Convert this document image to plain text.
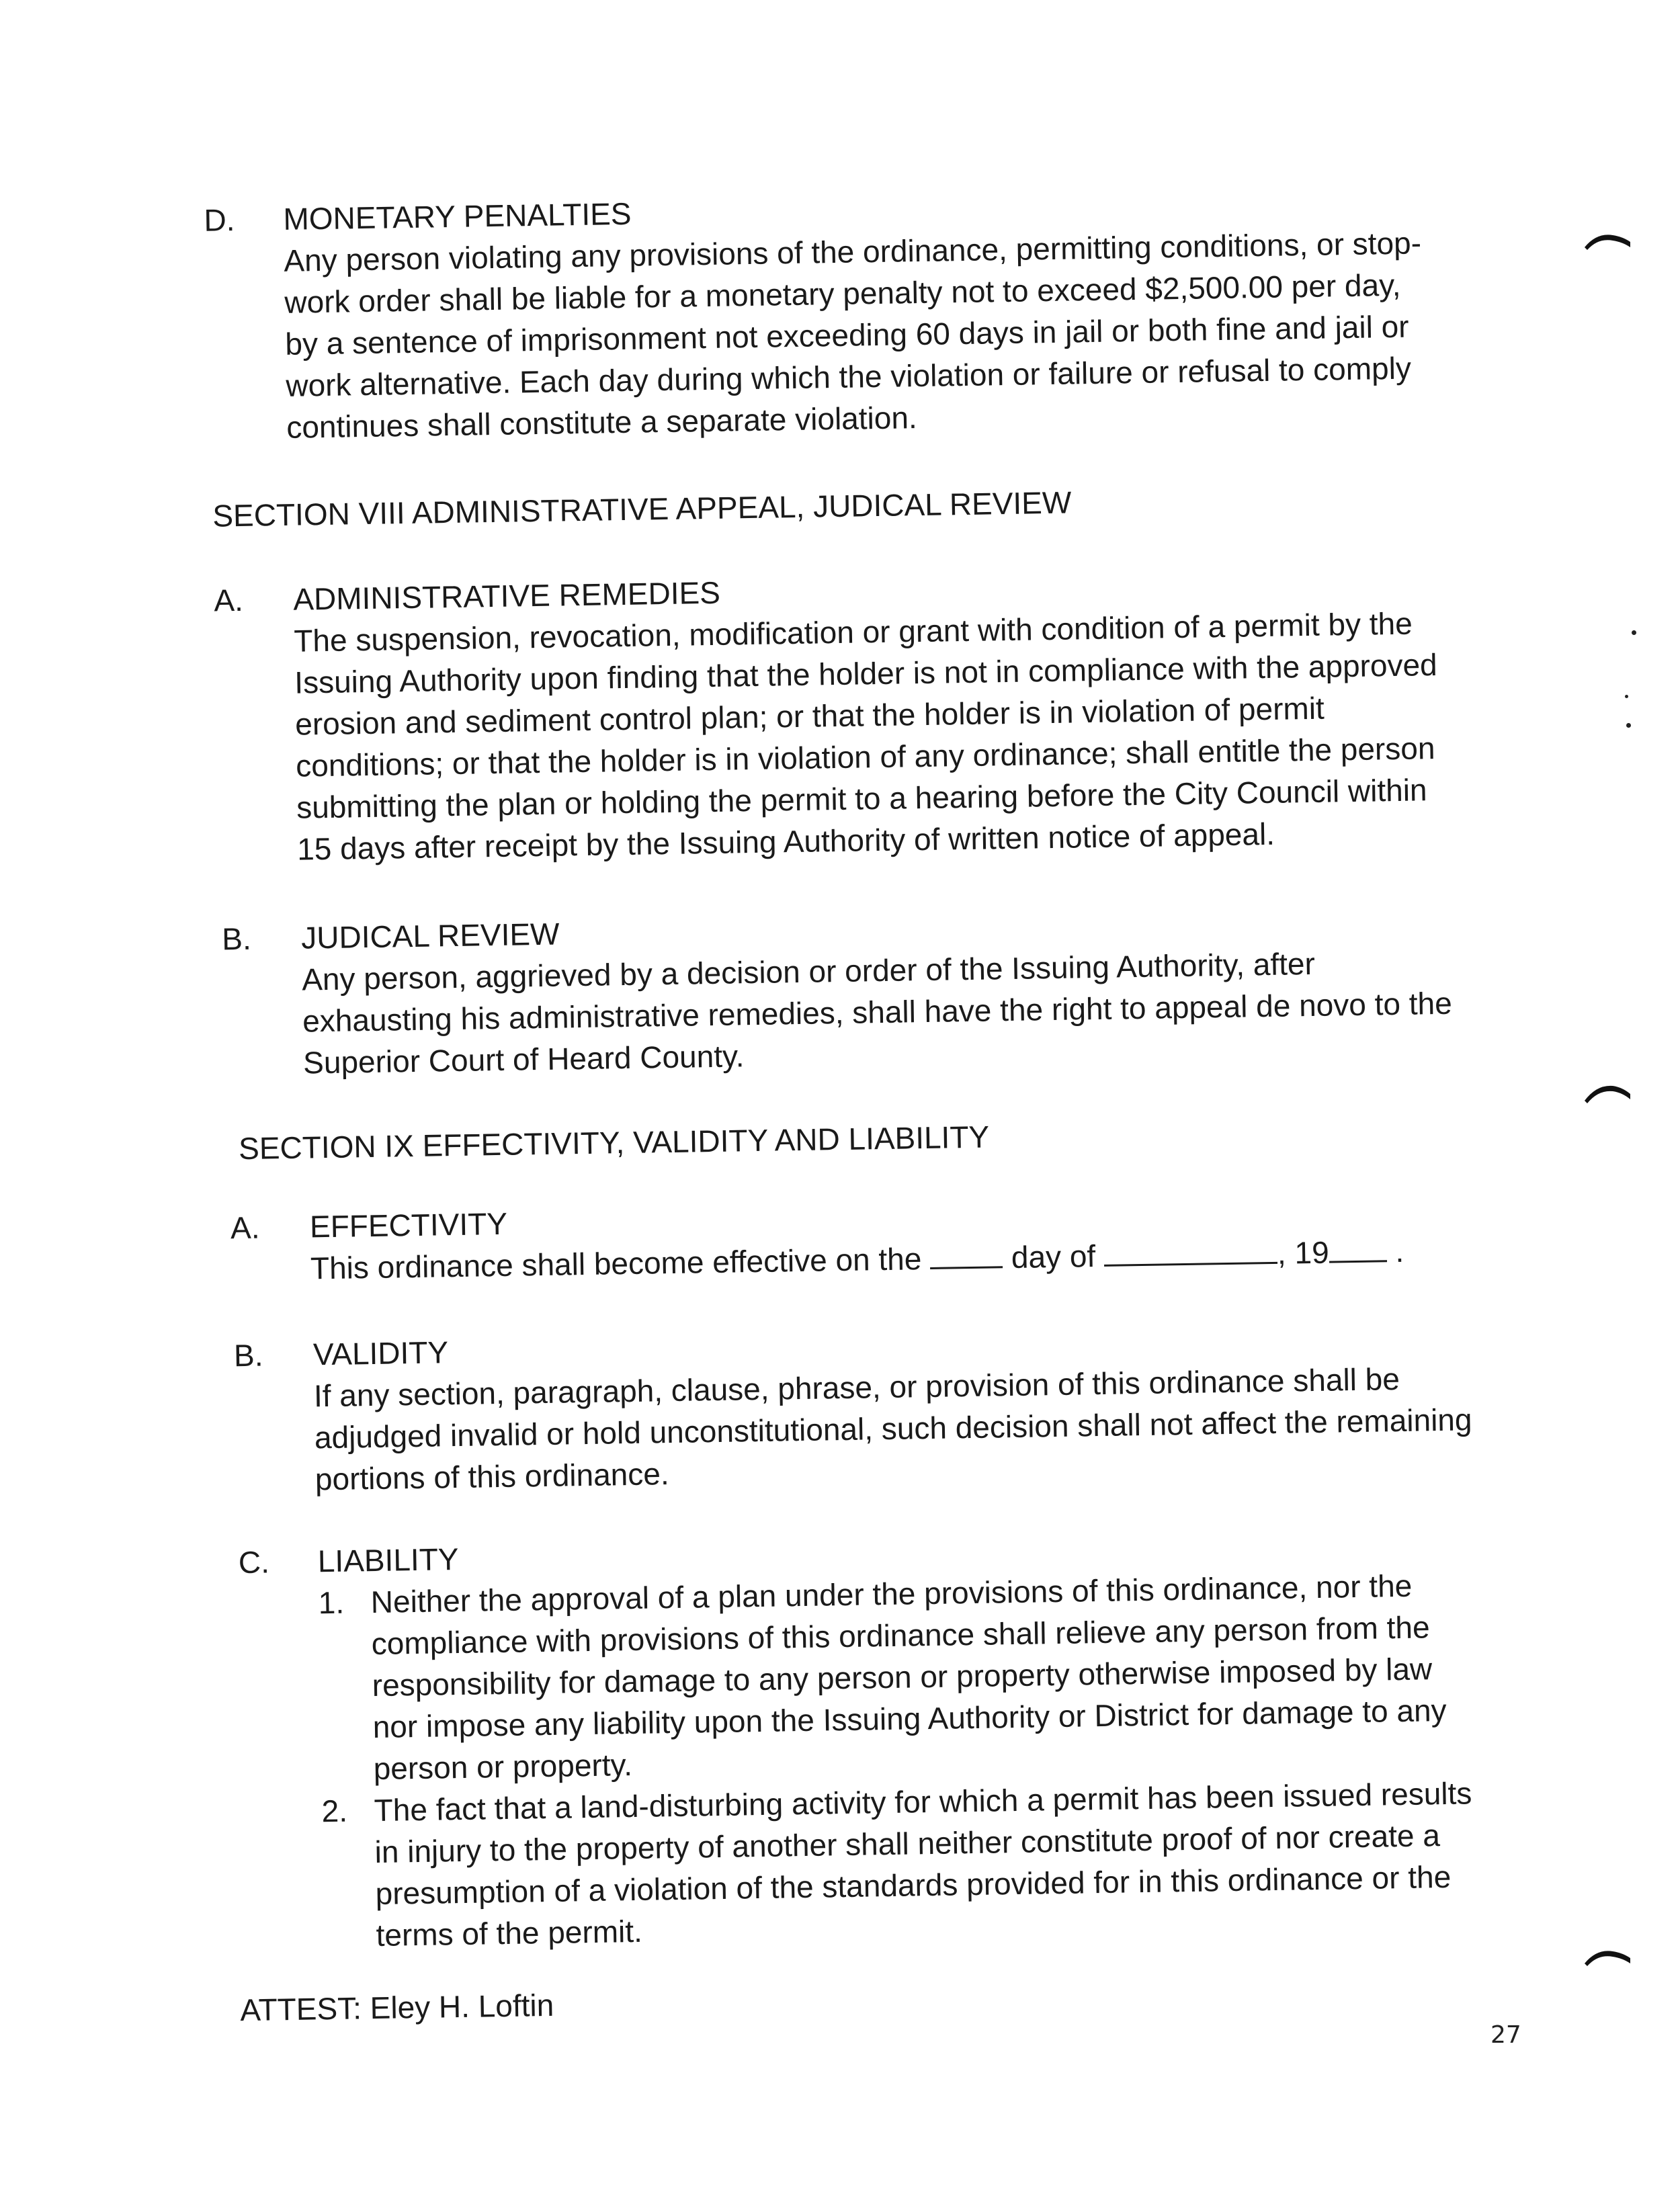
D. MONETARY PENALTIES
Any person violating any provisions of the ordinance, permitting conditions, or stop-
work order shall be liable for a monetary penalty not to exceed $2,500.00 per day,
by a sentence of imprisonment not exceeding 60 days in jail or both fine and jail or
work alternative. Each day during which the violation or failure or refusal to comply
continues shall constitute a separate violation.
SECTION VIII ADMINISTRATIVE APPEAL, JUDICAL REVIEW
A. ADMINISTRATIVE REMEDIES
The suspension, revocation, modification or grant with condition of a permit by the
Issuing Authority upon finding that the holder is not in compliance with the approved
erosion and sediment control plan; or that the holder is in violation of permit
conditions; or that the holder is in violation of any ordinance; shall entitle the person
submitting the plan or holding the permit to a hearing before the City Council within
15 days after receipt by the Issuing Authority of written notice of appeal.
B. JUDICAL REVIEW
Any person, aggrieved by a decision or order of the Issuing Authority, after
exhausting his administrative remedies, shall have the right to appeal de novo to the
Superior Court of Heard County.
SECTION IX EFFECTIVITY, VALIDITY AND LIABILITY
A. EFFECTIVITY
This ordinance shall become effective on the	day of	, 19 .
B. VALIDITY
If any section, paragraph, clause, phrase, or provision of this ordinance shall be
adjudged invalid or hold unconstitutional, such decision shall not affect the remaining
portions of this ordinance.
C. LIABILITY
1. Neither the approval of a plan under the provisions of this ordinance, nor the
compliance with provisions of this ordinance shall relieve any person from the
responsibility for damage to any person or property otherwise imposed by law
nor impose any liability upon the Issuing Authority or District for damage to any
person or property.
2. The fact that a land-disturbing activity for which a permit has been issued results
in injury to the property of another shall neither constitute proof of nor create a
presumption of a violation of the standards provided for in this ordinance or the
terms of the permit.
ATTEST: Eley H. Loftin
27
